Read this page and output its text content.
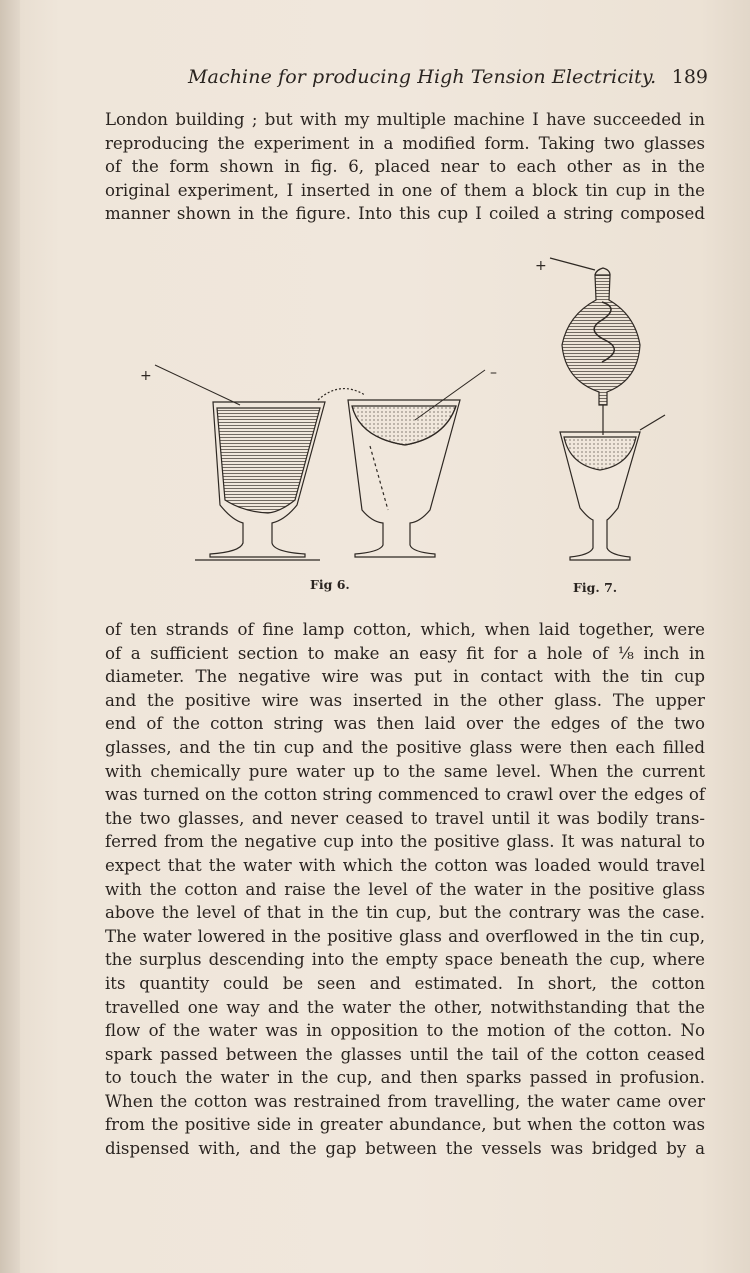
Machine for producing High Tension Electricity. 189
London building ; but with my multiple machine I have succeeded in
reproducing the experiment in a modified form. Taking two glasses
of the form shown in fig. 6, placed near to each other as in the
original experiment, I inserted in one of them a block tin cup in the
manner shown in the figure. Into this cup I coiled a string composed
+	–
+
Fig 6.	Fig. 7.
of ten strands of fine lamp cotton, which, when laid together, were
of a sufficient section to make an easy fit for a hole of ⅛ inch in
diameter. The negative wire was put in contact with the tin cup
and the positive wire was inserted in the other glass. The upper
end of the cotton string was then laid over the edges of the two
glasses, and the tin cup and the positive glass were then each filled
with chemically pure water up to the same level. When the current
was turned on the cotton string commenced to crawl over the edges of
the two glasses, and never ceased to travel until it was bodily trans-
ferred from the negative cup into the positive glass. It was natural to
expect that the water with which the cotton was loaded would travel
with the cotton and raise the level of the water in the positive glass
above the level of that in the tin cup, but the contrary was the case.
The water lowered in the positive glass and overflowed in the tin cup,
the surplus descending into the empty space beneath the cup, where
its quantity could be seen and estimated. In short, the cotton
travelled one way and the water the other, notwithstanding that the
flow of the water was in opposition to the motion of the cotton. No
spark passed between the glasses until the tail of the cotton ceased
to touch the water in the cup, and then sparks passed in profusion.
When the cotton was restrained from travelling, the water came over
from the positive side in greater abundance, but when the cotton was
dispensed with, and the gap between the vessels was bridged by a
